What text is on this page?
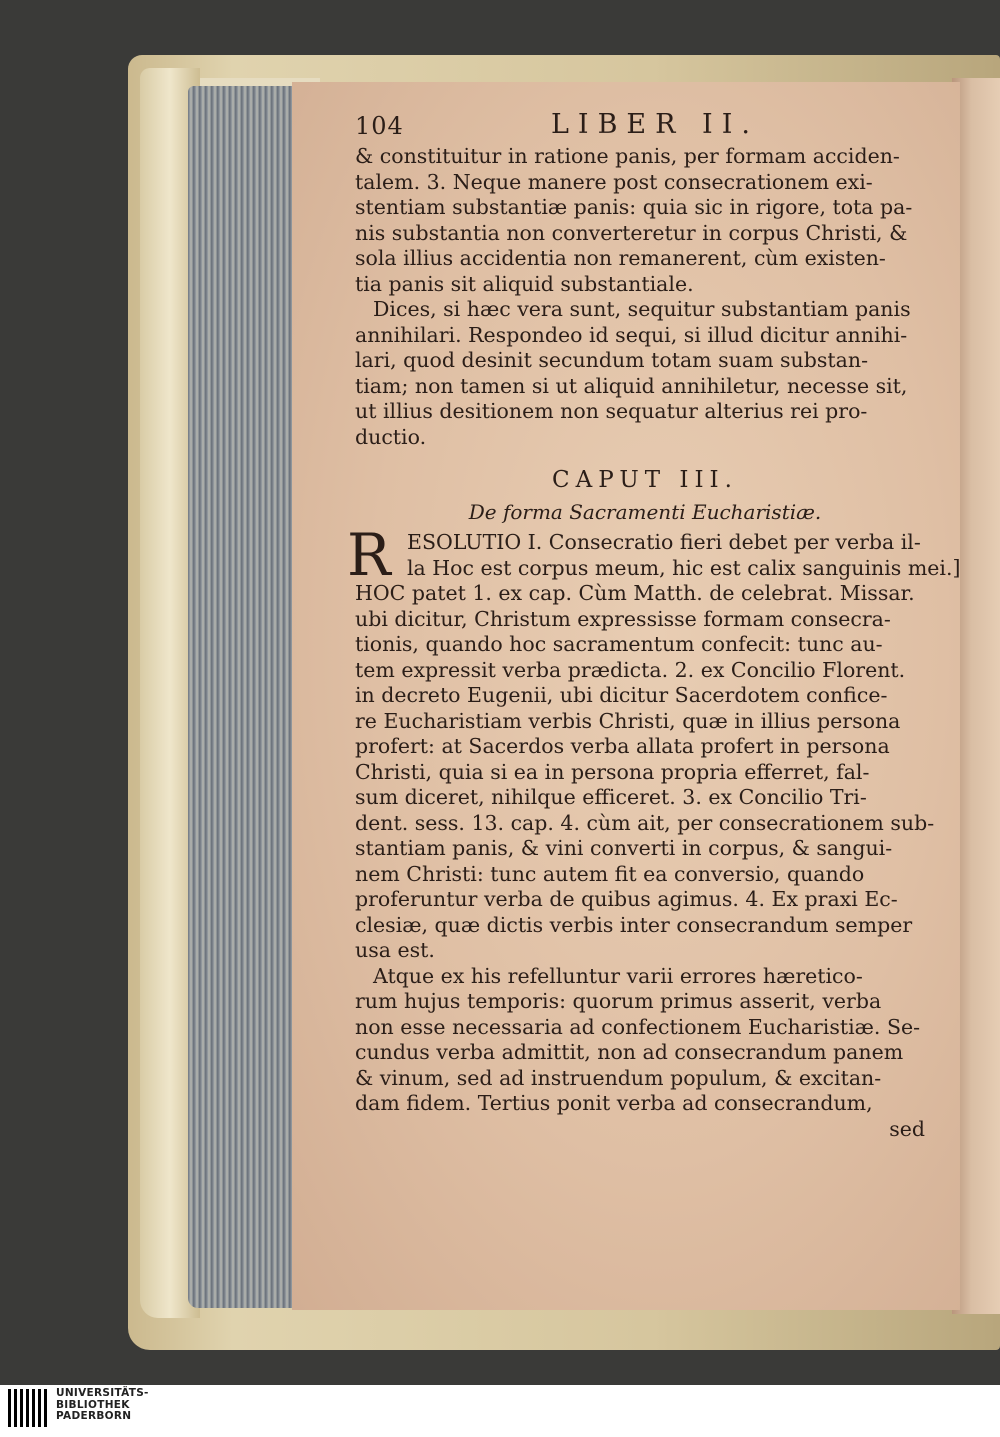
104	LIBER II.
& constituitur in ratione panis, per formam acciden-
talem. 3. Neque manere post consecrationem exi-
stentiam substantiæ panis: quia sic in rigore, tota pa-
nis substantia non converteretur in corpus Christi, &
sola illius accidentia non remanerent, cùm existen-
tia panis sit aliquid substantiale.
Dices, si hæc vera sunt, sequitur substantiam panis
annihilari. Respondeo id sequi, si illud dicitur annihi-
lari, quod desinit secundum totam suam substan-
tiam; non tamen si ut aliquid annihiletur, necesse sit,
ut illius desitionem non sequatur alterius rei pro-
ductio.
CAPUT III.
De forma Sacramenti Eucharistiæ.
R ESOLUTIO I. Consecratio fieri debet per verba il-
la Hoc est corpus meum, hic est calix sanguinis mei.]
HOC patet 1. ex cap. Cùm Matth. de celebrat. Missar.
ubi dicitur, Christum expressisse formam consecra-
tionis, quando hoc sacramentum confecit: tunc au-
tem expressit verba prædicta. 2. ex Concilio Florent.
in decreto Eugenii, ubi dicitur Sacerdotem confice-
re Eucharistiam verbis Christi, quæ in illius persona
profert: at Sacerdos verba allata profert in persona
Christi, quia si ea in persona propria efferret, fal-
sum diceret, nihilque efficeret. 3. ex Concilio Tri-
dent. sess. 13. cap. 4. cùm ait, per consecrationem sub-
stantiam panis, & vini converti in corpus, & sangui-
nem Christi: tunc autem fit ea conversio, quando
proferuntur verba de quibus agimus. 4. Ex praxi Ec-
clesiæ, quæ dictis verbis inter consecrandum semper
usa est.
Atque ex his refelluntur varii errores hæretico-
rum hujus temporis: quorum primus asserit, verba
non esse necessaria ad confectionem Eucharistiæ. Se-
cundus verba admittit, non ad consecrandum panem
& vinum, sed ad instruendum populum, & excitan-
dam fidem. Tertius ponit verba ad consecrandum,
sed
UNIVERSITÄTS-
BIBLIOTHEK
PADERBORN
